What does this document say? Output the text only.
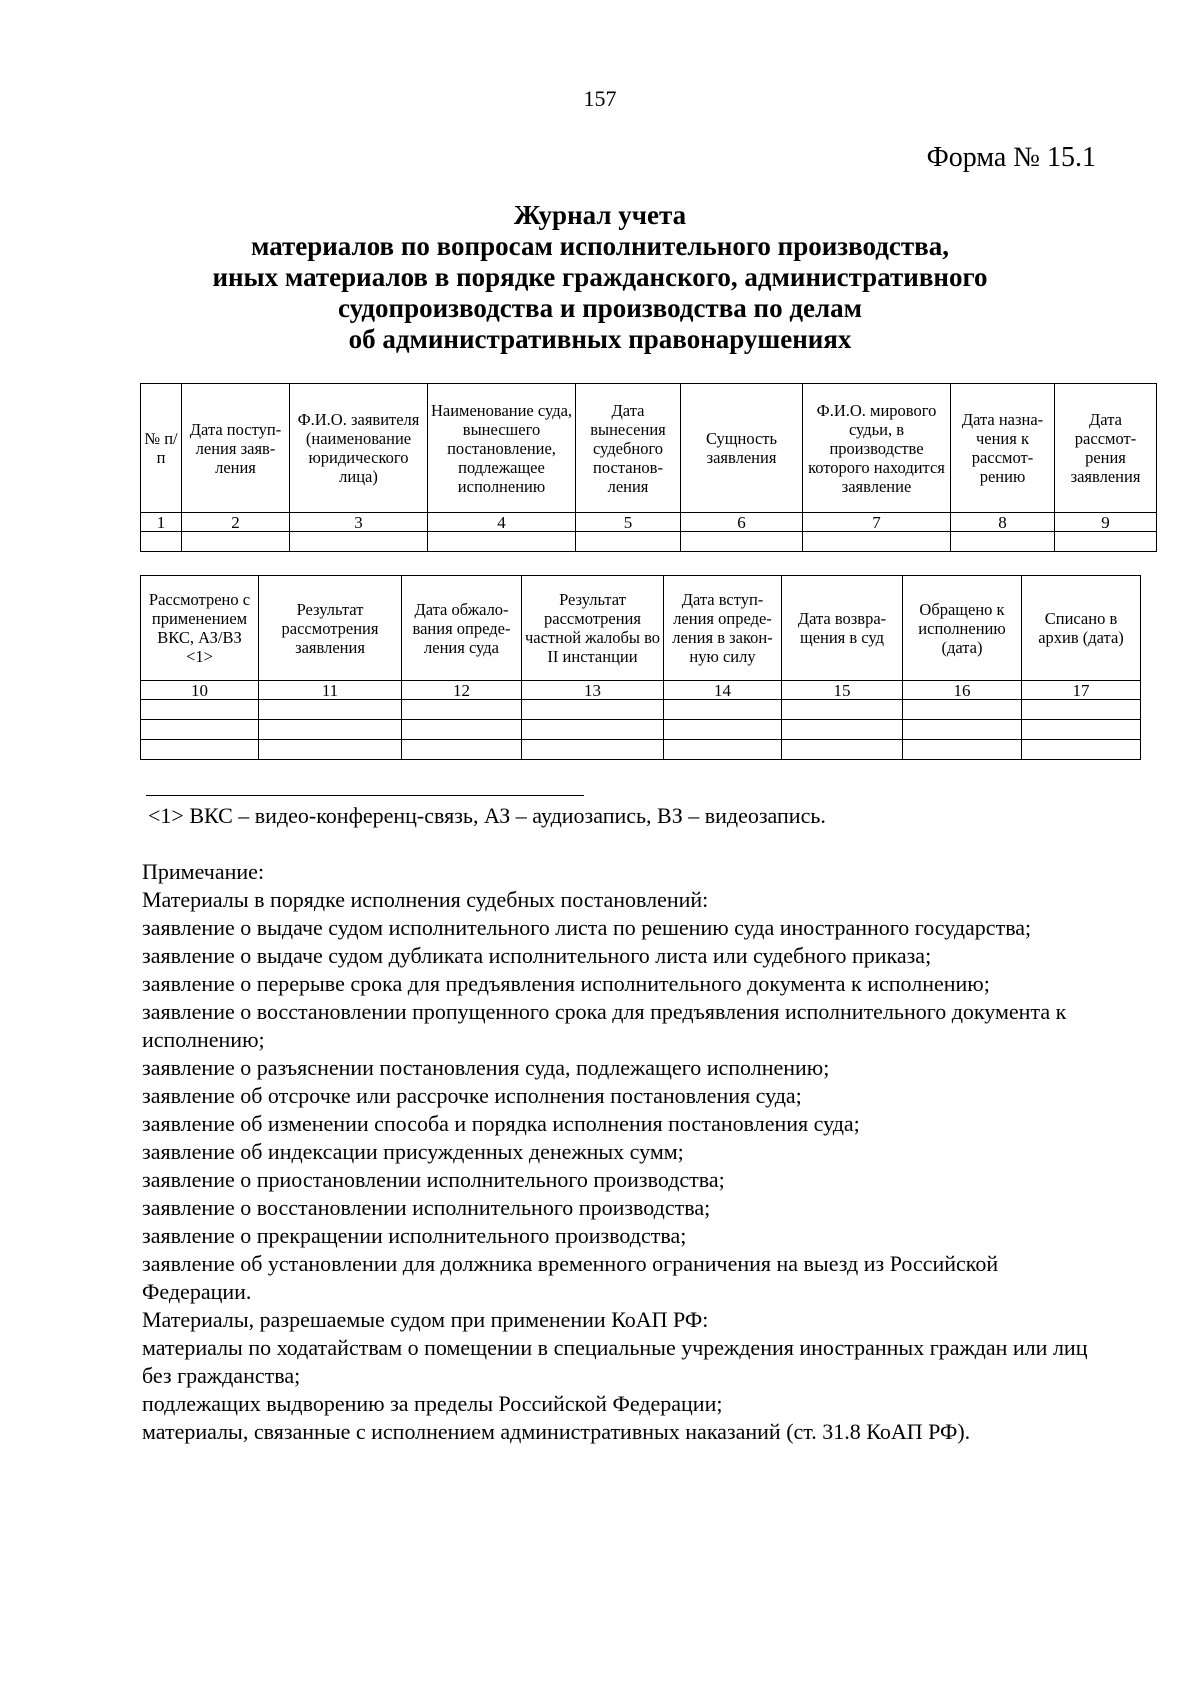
157
Форма № 15.1
Журнал учета
материалов по вопросам исполнительного производства,
иных материалов в порядке гражданского, административного
судопроизводства и производства по делам
об административных правонарушениях
№ п/п	Дата поступ- ления заяв- ления	Ф.И.О. заявителя (наименование юридического лица)	Наименование суда, вынесшего постановление, подлежащее исполнению	Дата вынесения судебного постанов- ления	Сущность заявления	Ф.И.О. мирового судьи, в производстве которого находится заявление	Дата назна- чения к рассмот- рению	Дата рассмот- рения заявления
1	2	3	4	5	6	7	8	9

Рассмотрено с применением ВКС, АЗ/ВЗ <1>	Результат рассмотрения заявления	Дата обжало- вания опреде- ления суда	Результат рассмотрения частной жалобы во II инстанции	Дата вступ- ления опреде- ления в закон- ную силу	Дата возвра- щения в суд	Обращено к исполнению (дата)	Списано в архив (дата)
10	11	12	13	14	15	16	17

<1> ВКС – видео-конференц-связь, АЗ – аудиозапись, ВЗ – видеозапись.
Примечание:
Материалы в порядке исполнения судебных постановлений:
заявление о выдаче судом исполнительного листа по решению суда иностранного государства;
заявление о выдаче судом дубликата исполнительного листа или судебного приказа;
заявление о перерыве срока для предъявления исполнительного документа к исполнению;
заявление о восстановлении пропущенного срока для предъявления исполнительного документа к исполнению;
заявление о разъяснении постановления суда, подлежащего исполнению;
заявление об отсрочке или рассрочке исполнения постановления суда;
заявление об изменении способа и порядка исполнения постановления суда;
заявление об индексации присужденных денежных сумм;
заявление о приостановлении исполнительного производства;
заявление о восстановлении исполнительного производства;
заявление о прекращении исполнительного производства;
заявление об установлении для должника временного ограничения на выезд из Российской Федерации.
Материалы, разрешаемые судом при применении КоАП РФ:
материалы по ходатайствам о помещении в специальные учреждения иностранных граждан или лиц без гражданства;
подлежащих выдворению за пределы Российской Федерации;
материалы, связанные с исполнением административных наказаний (ст. 31.8 КоАП РФ).
